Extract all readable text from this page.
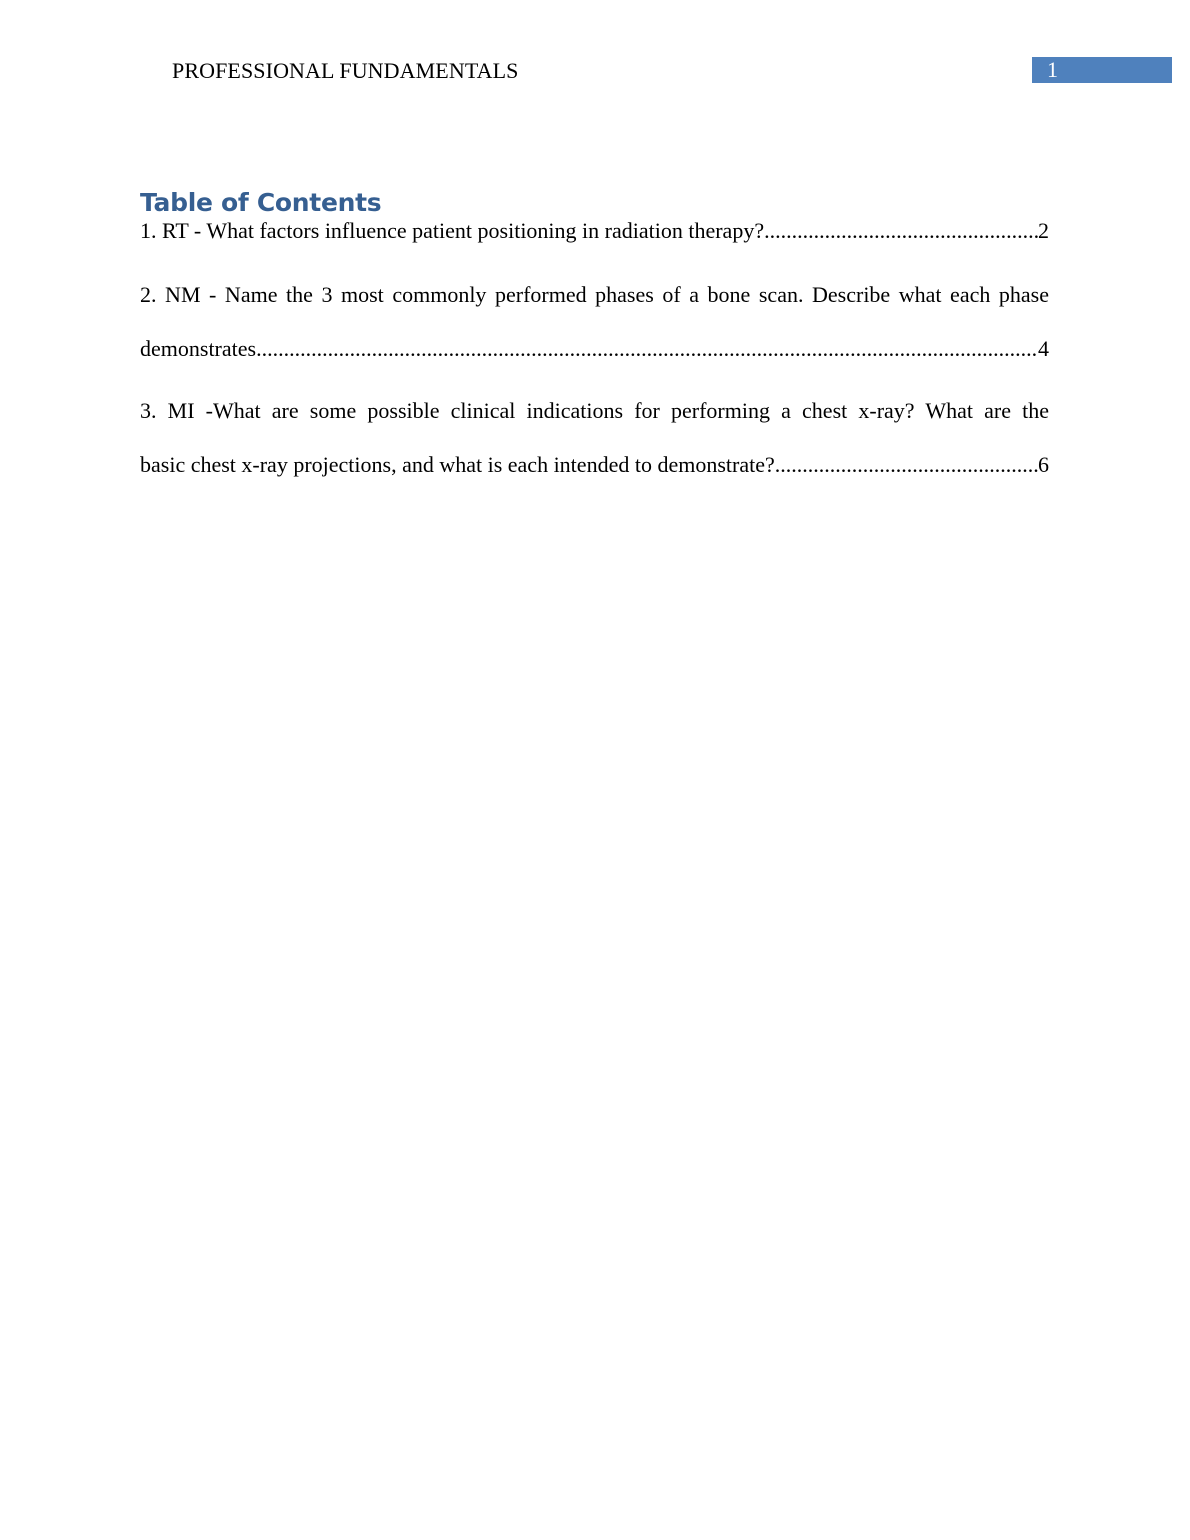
PROFESSIONAL FUNDAMENTALS	1
Table of Contents
1. RT - What factors influence patient positioning in radiation therapy? .....	2
2. NM - Name the 3 most commonly performed phases of a bone scan. Describe what each phase
demonstrates .....	4
3. MI -What are some possible clinical indications for performing a chest x-ray? What are the
basic chest x-ray projections, and what is each intended to demonstrate? .....	6
